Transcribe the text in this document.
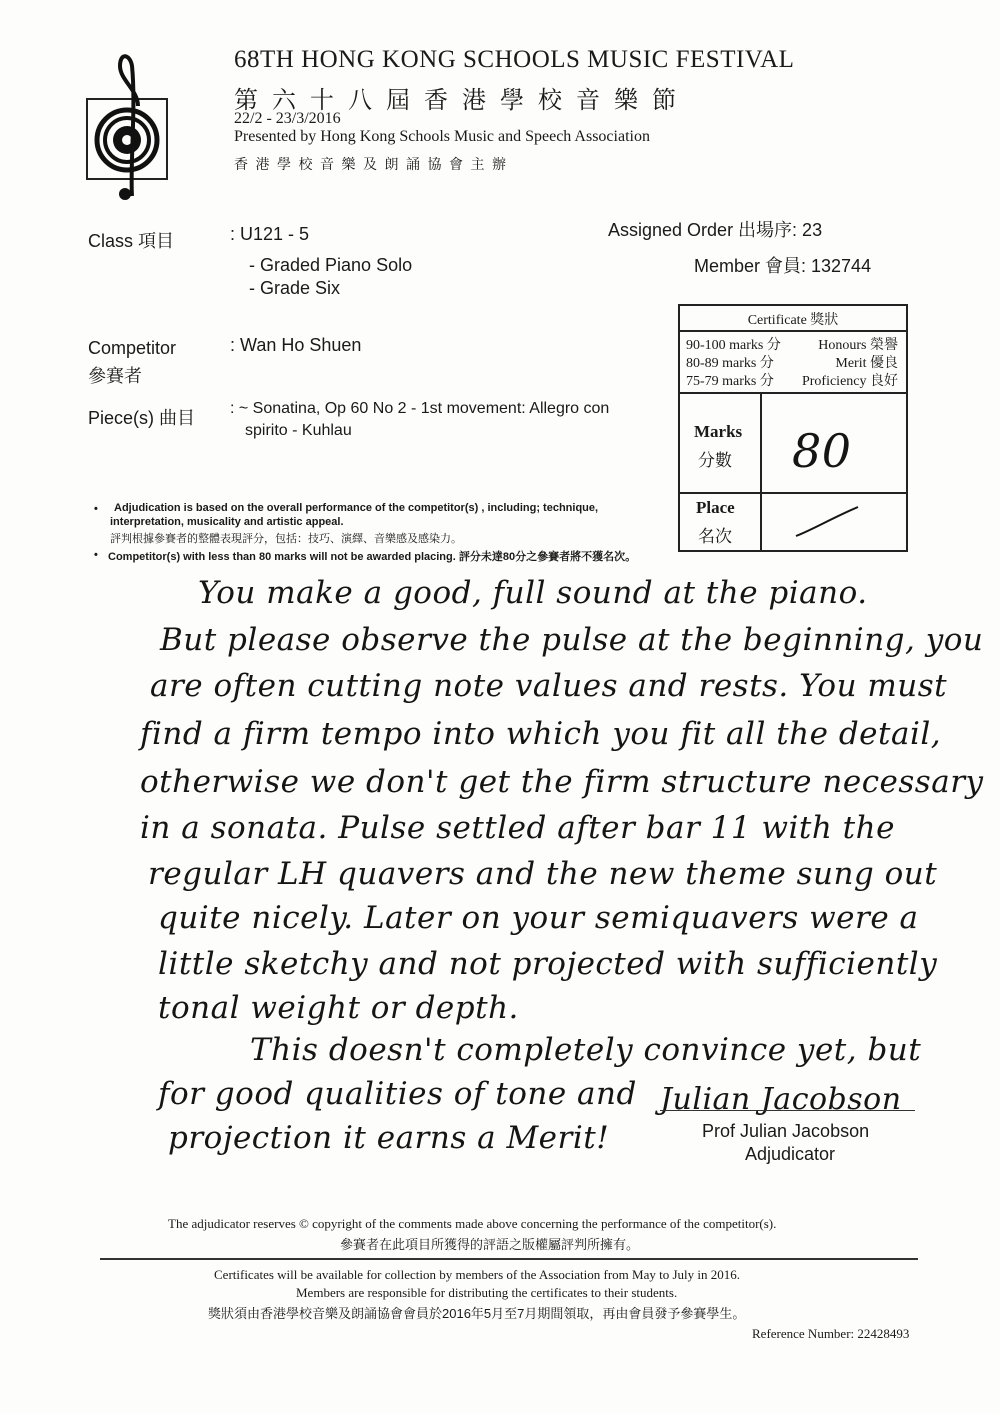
68TH HONG KONG SCHOOLS MUSIC FESTIVAL
第 六 十 八 屆 香 港 學 校 音 樂 節
22/2 - 23/3/2016
Presented by Hong Kong Schools Music and Speech Association
香 港 學 校 音 樂 及 朗 誦 協 會 主 辦
Class 項目	: U121 - 5
- Graded Piano Solo
- Grade Six
Assigned Order 出場序: 23
Member 會員: 132744
Competitor
參賽者
: Wan Ho Shuen
Piece(s) 曲目 : ~ Sonatina, Op 60 No 2 - 1st movement: Allegro con
spirito - Kuhlau
Certificate 獎狀
90-100 marks 分	Honours 榮譽
80-89 marks 分	Merit 優良
75-79 marks 分 Proficiency 良好
Marks
分數 80
Place
名次
• Adjudication is based on the overall performance of the competitor(s) , including; technique,
interpretation, musicality and artistic appeal.
評判根據參賽者的整體表現評分，包括：技巧、演繹、音樂感及感染力。
• Competitor(s) with less than 80 marks will not be awarded placing. 評分未達80分之參賽者將不獲名次。
You make a good, full sound at the piano.
But please observe the pulse at the beginning, you
are often cutting note values and rests. You must
find a firm tempo into which you fit all the detail,
otherwise we don't get the firm structure necessary
in a sonata. Pulse settled after bar 11 with the
regular LH quavers and the new theme sung out
quite nicely. Later on your semiquavers were a
little sketchy and not projected with sufficiently
tonal weight or depth.
This doesn't completely convince yet, but
for good qualities of tone and
projection it earns a Merit!
Julian Jacobson
Prof Julian Jacobson
Adjudicator
The adjudicator reserves © copyright of the comments made above concerning the performance of the competitor(s).
參賽者在此項目所獲得的評語之版權屬評判所擁有。
Certificates will be available for collection by members of the Association from May to July in 2016.
Members are responsible for distributing the certificates to their students.
獎狀須由香港學校音樂及朗誦協會會員於2016年5月至7月期間領取，再由會員發予參賽學生。
Reference Number: 22428493
